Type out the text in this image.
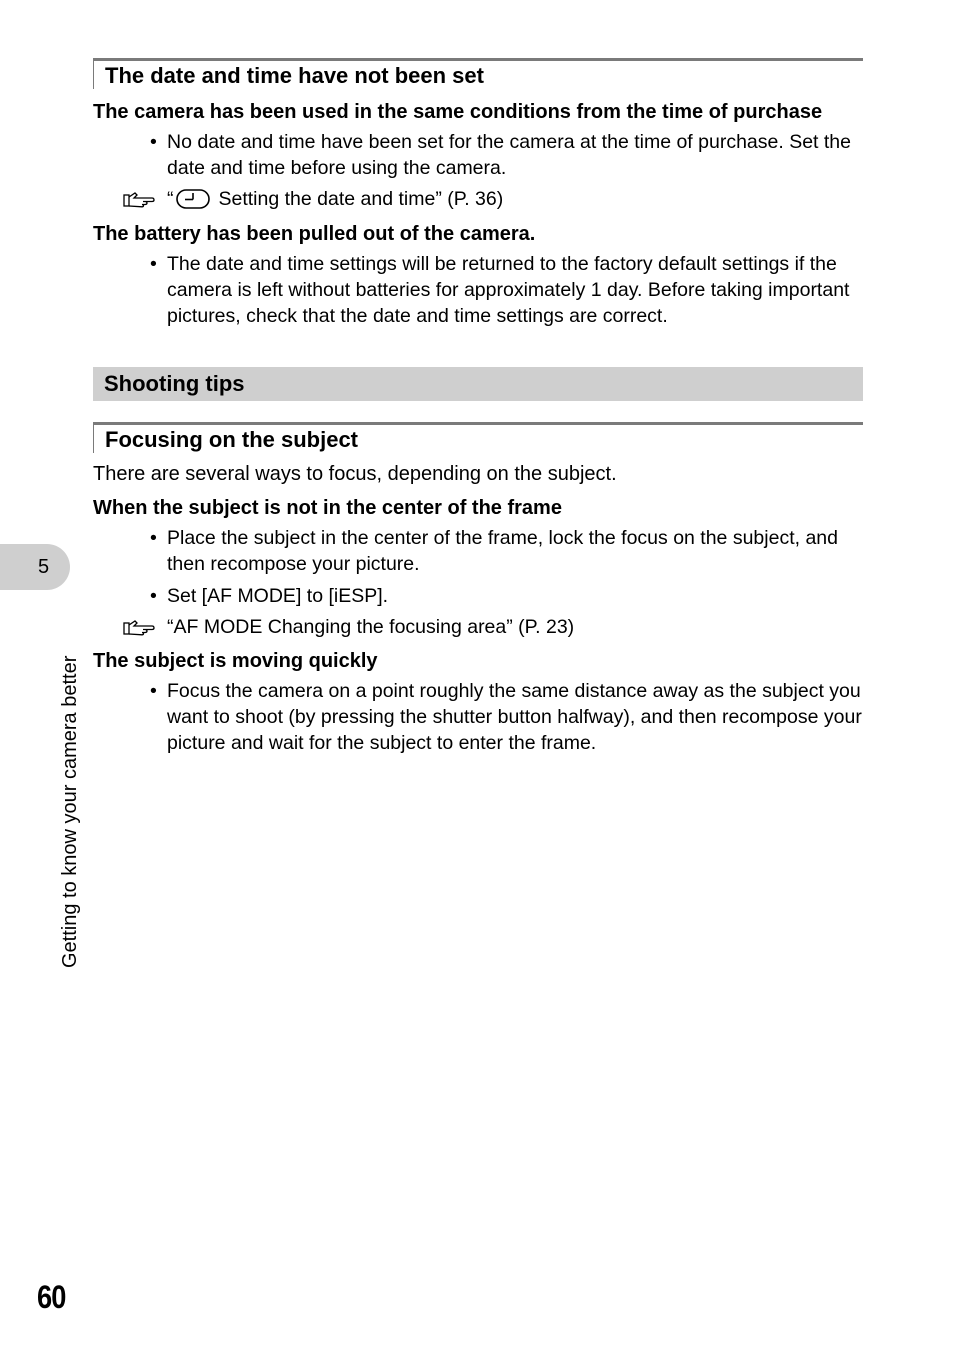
The date and time have not been set
The camera has been used in the same conditions from the time of purchase
• No date and time have been set for the camera at the time of purchase. Set the date and time before using the camera.
“ Setting the date and time” (P. 36)
The battery has been pulled out of the camera.
• The date and time settings will be returned to the factory default settings if the camera is left without batteries for approximately 1 day. Before taking important pictures, check that the date and time settings are correct.
Shooting tips
Focusing on the subject
There are several ways to focus, depending on the subject.
When the subject is not in the center of the frame
• Place the subject in the center of the frame, lock the focus on the subject, and then recompose your picture.
• Set [AF MODE] to [iESP].
“AF MODE Changing the focusing area” (P. 23)
The subject is moving quickly
• Focus the camera on a point roughly the same distance away as the subject you want to shoot (by pressing the shutter button halfway), and then recompose your picture and wait for the subject to enter the frame.
5
Getting to know your camera better
60
